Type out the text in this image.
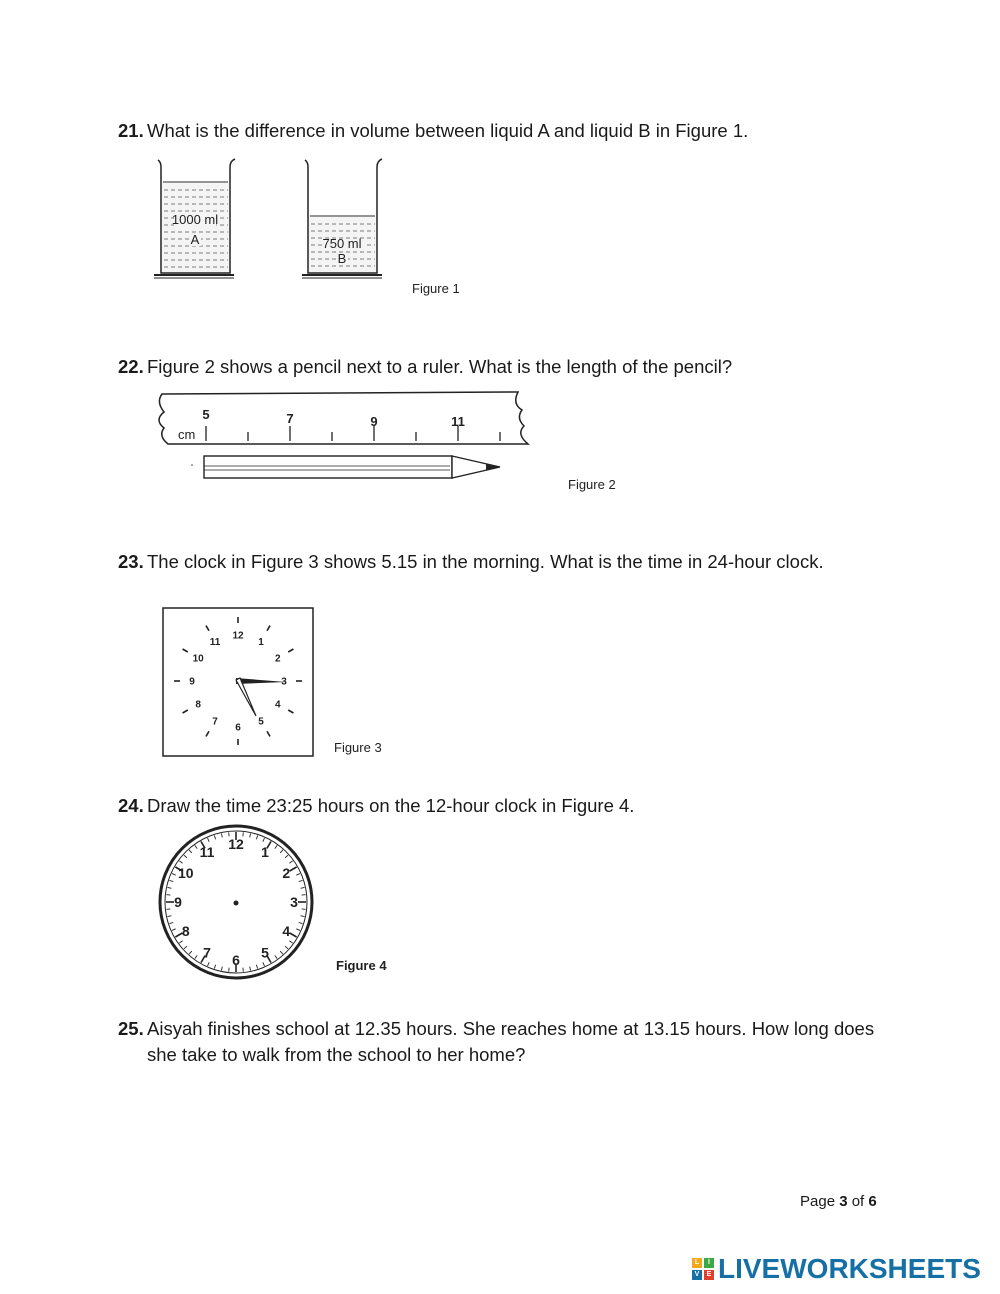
21. What is the difference in volume between liquid A and liquid B in Figure 1.
1000 ml
A	750 ml
B
Figure 1
22. Figure 2 shows a pencil next to a ruler. What is the length of the pencil?
5	7	9	11
cm
Figure 2
23. The clock in Figure 3 shows 5.15 in the morning. What is the time in 24-hour clock.
12
1
2
3
4
5
6
7
8
9
10
11
Figure 3
24. Draw the time 23:25 hours on the 12-hour clock in Figure 4.
12 1
2
3
4
5
6
7
8
9
10
11
Figure 4
25. Aisyah finishes school at 12.35 hours. She reaches home at 13.15 hours. How long does she take to walk from the school to her home?
Page 3 of 6
L	I
V	E LIVEWORKSHEETS
